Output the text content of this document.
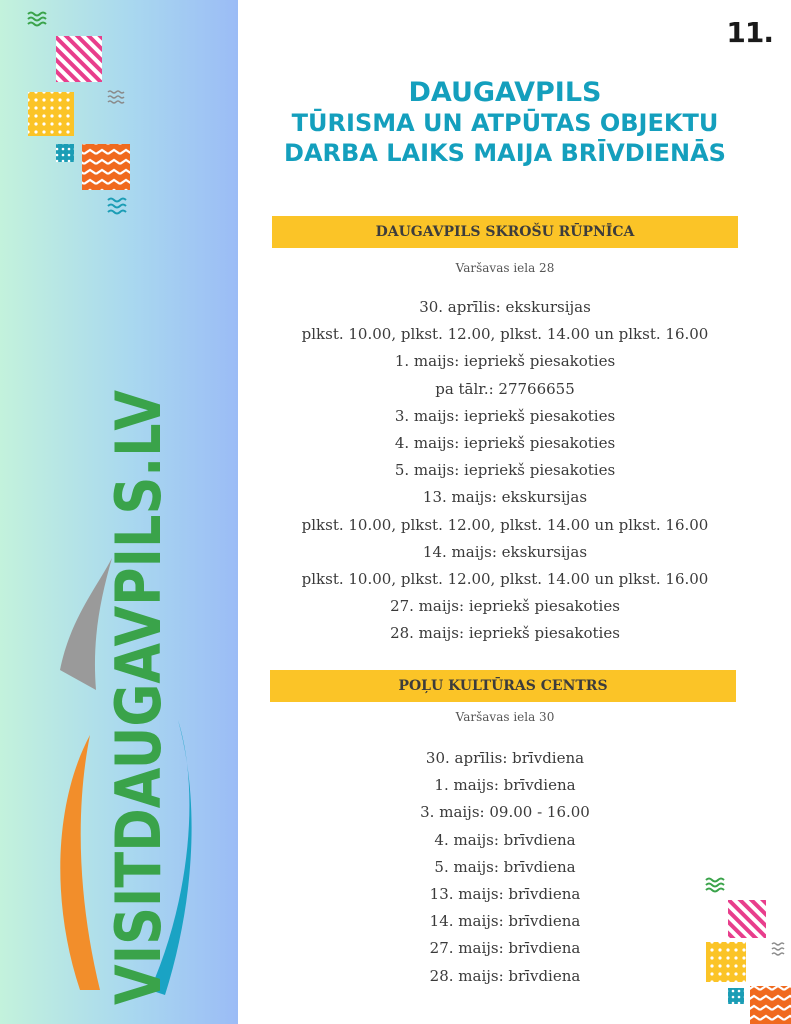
VISITDAUGAVPILS.LV
11.
DAUGAVPILS
TŪRISMA UN ATPŪTAS OBJEKTU
DARBA LAIKS MAIJA BRĪVDIENĀS
DAUGAVPILS SKROŠU RŪPNĪCA
Varšavas iela 28
30. aprīlis: ekskursijas
plkst. 10.00, plkst. 12.00, plkst. 14.00 un plkst. 16.00
1. maijs: iepriekš piesakoties
pa tālr.: 27766655
3. maijs: iepriekš piesakoties
4. maijs: iepriekš piesakoties
5. maijs: iepriekš piesakoties
13. maijs: ekskursijas
plkst. 10.00, plkst. 12.00, plkst. 14.00 un plkst. 16.00
14. maijs: ekskursijas
plkst. 10.00, plkst. 12.00, plkst. 14.00 un plkst. 16.00
27. maijs: iepriekš piesakoties
28. maijs: iepriekš piesakoties
POĻU KULTŪRAS CENTRS
Varšavas iela 30
30. aprīlis: brīvdiena
1. maijs: brīvdiena
3. maijs: 09.00 - 16.00
4. maijs: brīvdiena
5. maijs: brīvdiena
13. maijs: brīvdiena
14. maijs: brīvdiena
27. maijs: brīvdiena
28. maijs: brīvdiena
